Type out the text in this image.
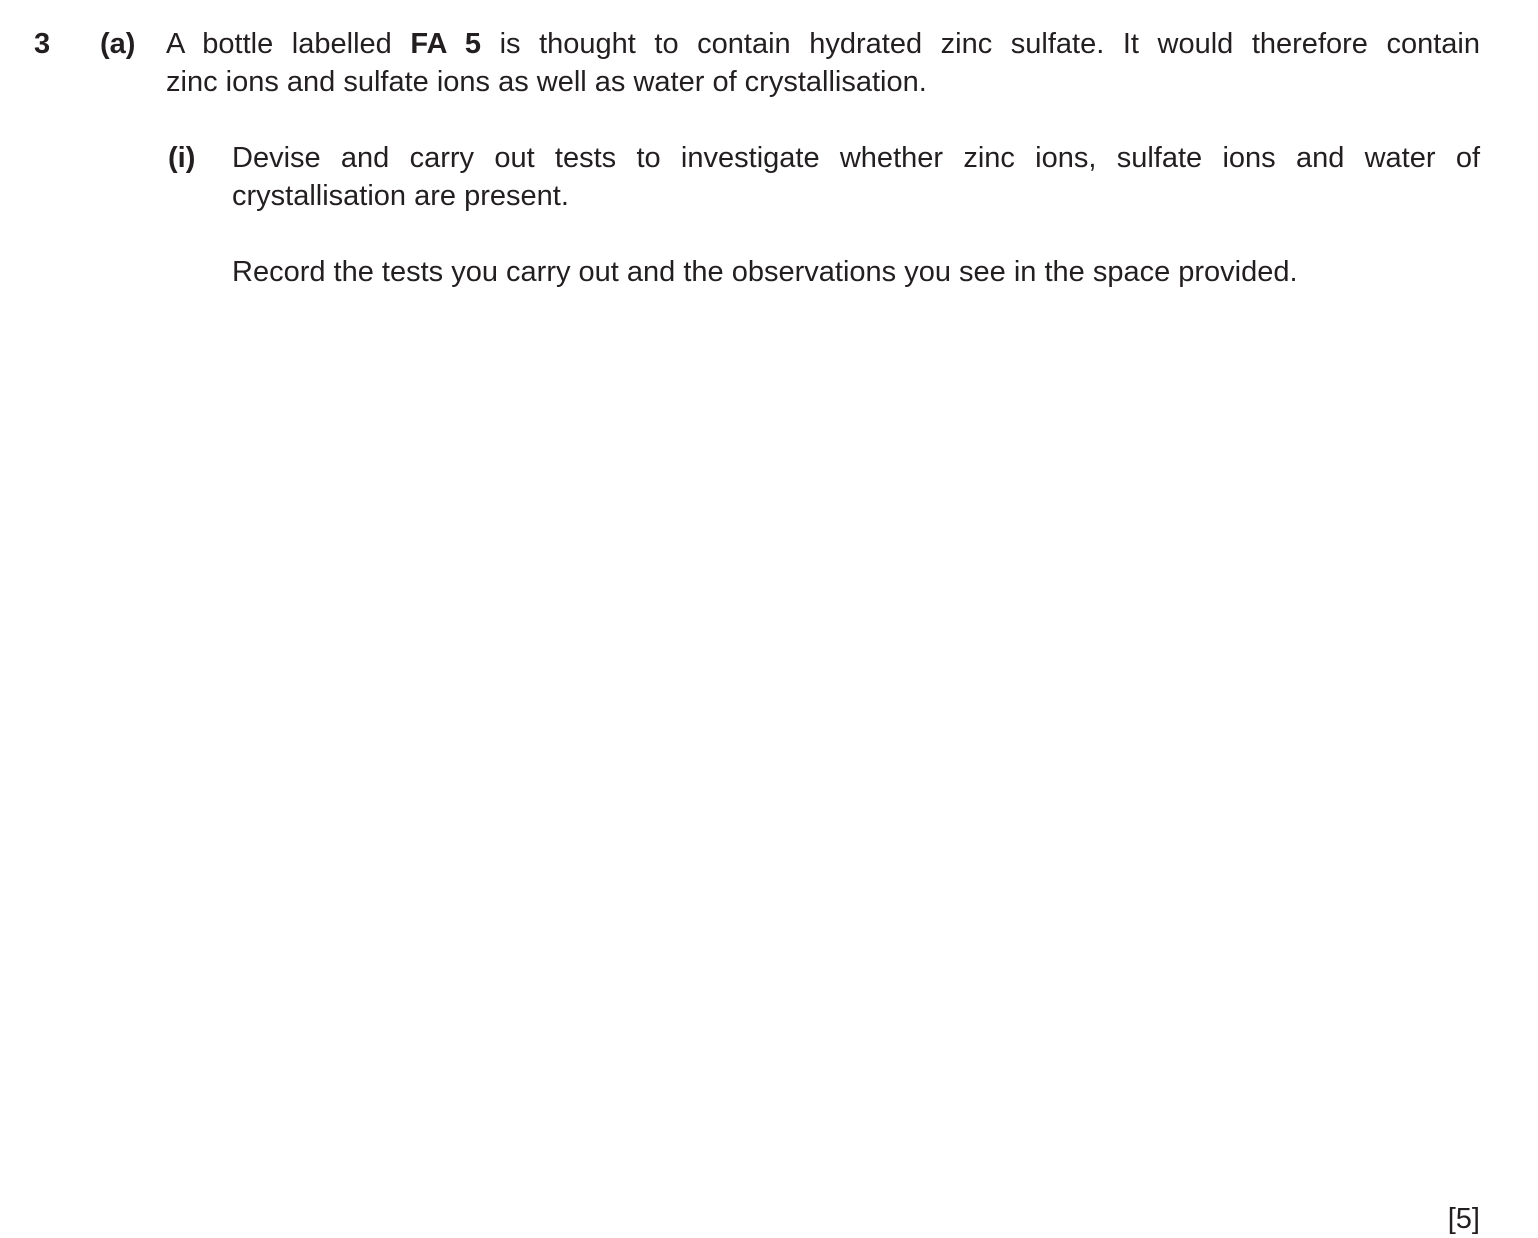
3 (a) A bottle labelled FA 5 is thought to contain hydrated zinc sulfate. It would therefore contain
zinc ions and sulfate ions as well as water of crystallisation.
(i) Devise and carry out tests to investigate whether zinc ions, sulfate ions and water of
crystallisation are present.
Record the tests you carry out and the observations you see in the space provided.
[5]
